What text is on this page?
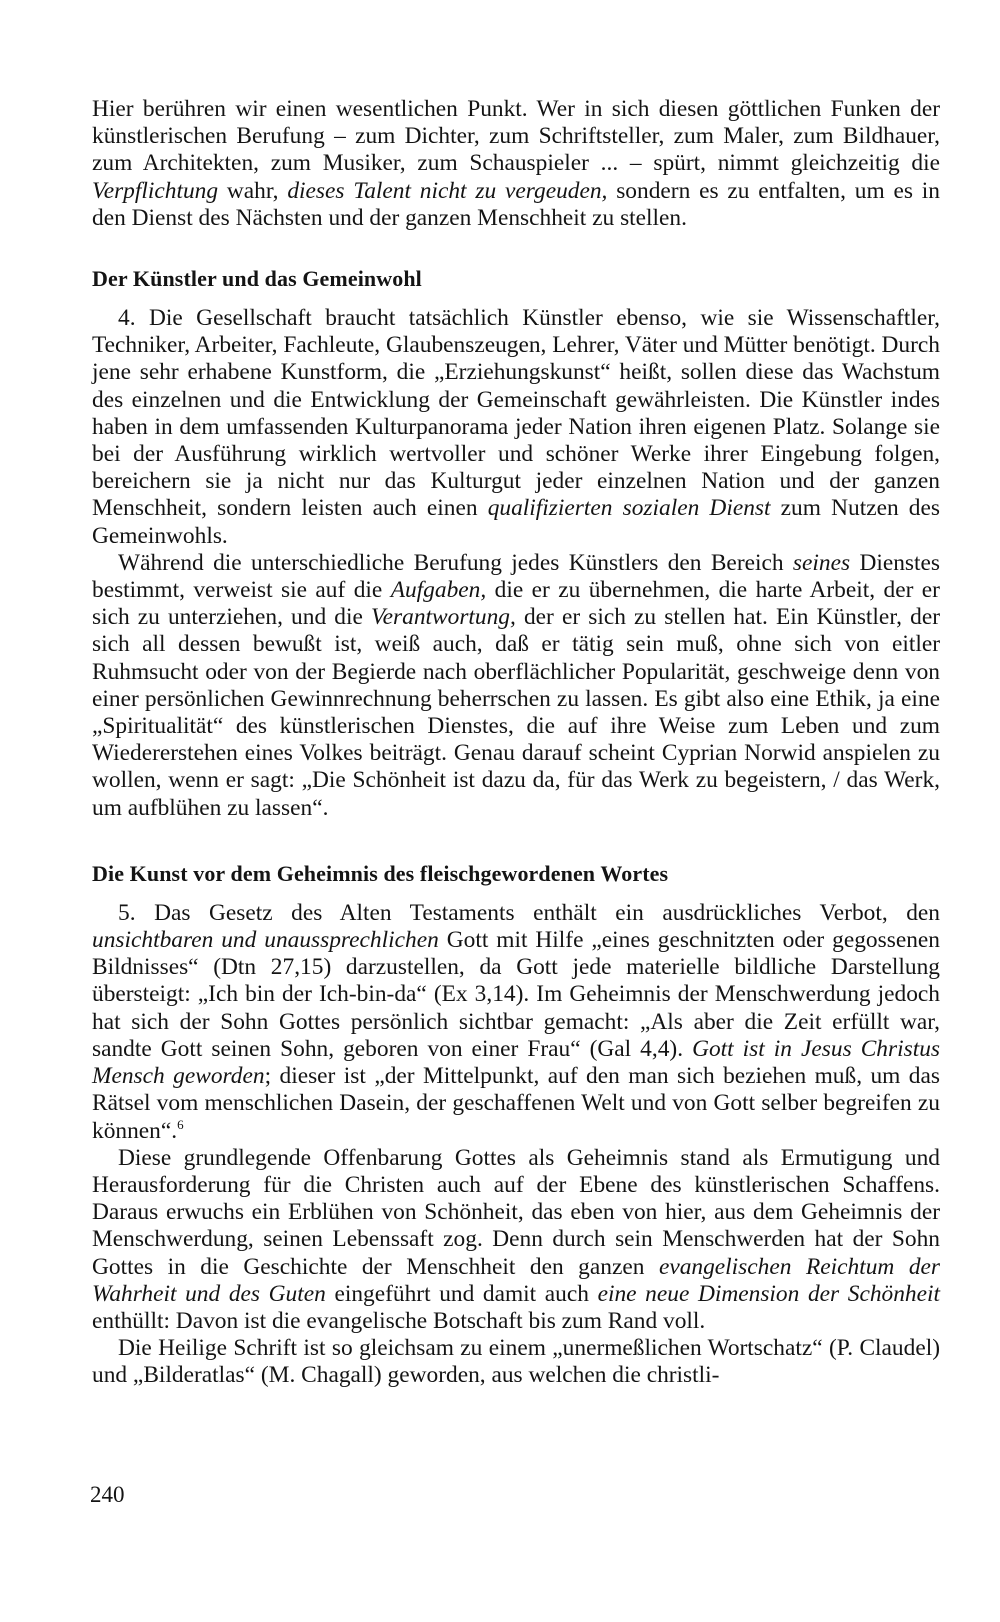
Hier berühren wir einen wesentlichen Punkt. Wer in sich diesen göttlichen Funken der künstlerischen Berufung – zum Dichter, zum Schriftsteller, zum Maler, zum Bildhauer, zum Architekten, zum Musiker, zum Schauspieler ... – spürt, nimmt gleichzeitig die Verpflichtung wahr, dieses Talent nicht zu vergeuden, sondern es zu entfalten, um es in den Dienst des Nächsten und der ganzen Menschheit zu stellen.

Der Künstler und das Gemeinwohl

4. Die Gesellschaft braucht tatsächlich Künstler ebenso, wie sie Wissenschaftler, Techniker, Arbeiter, Fachleute, Glaubenszeugen, Lehrer, Väter und Mütter benötigt. Durch jene sehr erhabene Kunstform, die „Erziehungskunst“ heißt, sollen diese das Wachstum des einzelnen und die Entwicklung der Gemeinschaft gewährleisten. Die Künstler indes haben in dem umfassenden Kulturpanorama jeder Nation ihren eigenen Platz. Solange sie bei der Ausführung wirklich wertvoller und schöner Werke ihrer Eingebung folgen, bereichern sie ja nicht nur das Kulturgut jeder einzelnen Nation und der ganzen Menschheit, sondern leisten auch einen qualifizierten sozialen Dienst zum Nutzen des Gemeinwohls.

Während die unterschiedliche Berufung jedes Künstlers den Bereich seines Dienstes bestimmt, verweist sie auf die Aufgaben, die er zu übernehmen, die harte Arbeit, der er sich zu unterziehen, und die Verantwortung, der er sich zu stellen hat. Ein Künstler, der sich all dessen bewußt ist, weiß auch, daß er tätig sein muß, ohne sich von eitler Ruhmsucht oder von der Begierde nach oberflächlicher Popularität, geschweige denn von einer persönlichen Gewinnrechnung beherrschen zu lassen. Es gibt also eine Ethik, ja eine „Spiritualität“ des künstlerischen Dienstes, die auf ihre Weise zum Leben und zum Wiedererstehen eines Volkes beiträgt. Genau darauf scheint Cyprian Norwid anspielen zu wollen, wenn er sagt: „Die Schönheit ist dazu da, für das Werk zu begeistern, / das Werk, um aufblühen zu lassen“.

Die Kunst vor dem Geheimnis des fleischgewordenen Wortes

5. Das Gesetz des Alten Testaments enthält ein ausdrückliches Verbot, den unsichtbaren und unaussprechlichen Gott mit Hilfe „eines geschnitzten oder gegossenen Bildnisses“ (Dtn 27,15) darzustellen, da Gott jede materielle bildliche Darstellung übersteigt: „Ich bin der Ich-bin-da“ (Ex 3,14). Im Geheimnis der Menschwerdung jedoch hat sich der Sohn Gottes persönlich sichtbar gemacht: „Als aber die Zeit erfüllt war, sandte Gott seinen Sohn, geboren von einer Frau“ (Gal 4,4). Gott ist in Jesus Christus Mensch geworden; dieser ist „der Mittelpunkt, auf den man sich beziehen muß, um das Rätsel vom menschlichen Dasein, der geschaffenen Welt und von Gott selber begreifen zu können“.$^6$

Diese grundlegende Offenbarung Gottes als Geheimnis stand als Ermutigung und Herausforderung für die Christen auch auf der Ebene des künstlerischen Schaffens. Daraus erwuchs ein Erblühen von Schönheit, das eben von hier, aus dem Geheimnis der Menschwerdung, seinen Lebenssaft zog. Denn durch sein Menschwerden hat der Sohn Gottes in die Geschichte der Menschheit den ganzen evangelischen Reichtum der Wahrheit und des Guten eingeführt und damit auch eine neue Dimension der Schönheit enthüllt: Davon ist die evangelische Botschaft bis zum Rand voll.

Die Heilige Schrift ist so gleichsam zu einem „unermeßlichen Wortschatz“ (P. Claudel) und „Bilderatlas“ (M. Chagall) geworden, aus welchen die christli-

240
